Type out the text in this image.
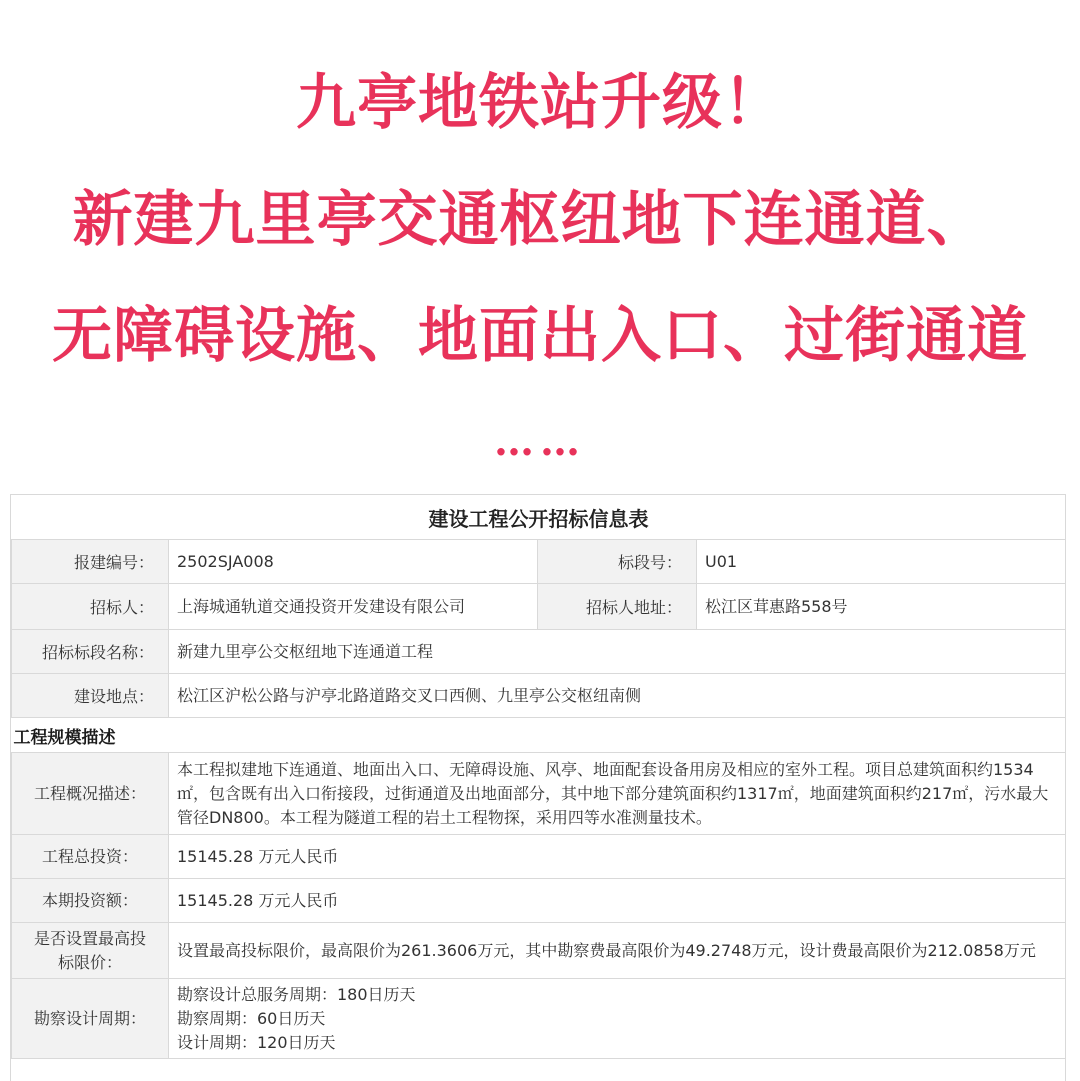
九亭地铁站升级！
新建九里亭交通枢纽地下连通道、
无障碍设施、地面出入口、过街通道
……
建设工程公开招标信息表			
报建编号：	2502SJA008	标段号：	U01
招标人：	上海城通轨道交通投资开发建设有限公司	招标人地址：	松江区茸惠路558号
招标标段名称：	新建九里亭公交枢纽地下连通道工程		
建设地点：	松江区沪松公路与沪亭北路道路交叉口西侧、九里亭公交枢纽南侧		
工程规模描述			
工程概况描述：	本工程拟建地下连通道、地面出入口、无障碍设施、风亭、地面配套设备用房及相应的室外工程。项目总建筑面积约1534㎡，包含既有出入口衔接段，过街通道及出地面部分，其中地下部分建筑面积约1317㎡，地面建筑面积约217㎡，污水最大管径DN800。本工程为隧道工程的岩土工程物探，采用四等水准测量技术。		
工程总投资：	15145.28 万元人民币		
本期投资额：	15145.28 万元人民币		

是否设置最高投
标限价：	设置最高投标限价，最高限价为261.3606万元，其中勘察费最高限价为49.2748万元，设计费最高限价为212.0858万元		
勘察设计周期：	勘察设计总服务周期：180日历天
勘察周期：60日历天
设计周期：120日历天		
